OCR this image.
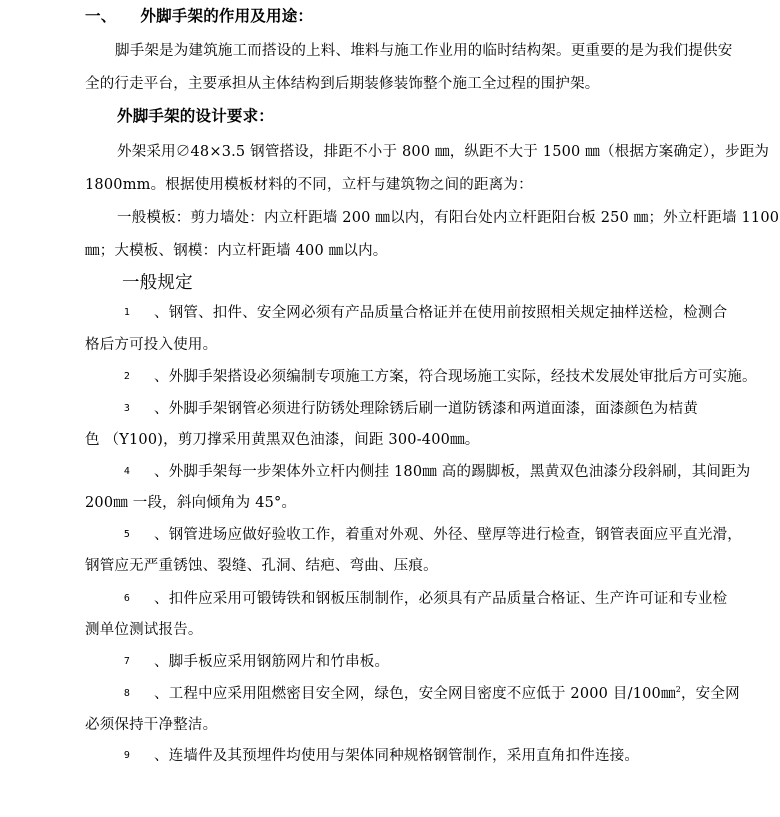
一、 外脚手架的作用及用途：
脚手架是为建筑施工而搭设的上料、堆料与施工作业用的临时结构架。更重要的是为我们提供安
全的行走平台，主要承担从主体结构到后期装修装饰整个施工全过程的围护架。
外脚手架的设计要求：
外架采用∅48×3.5 钢管搭设，排距不小于 800 ㎜，纵距不大于 1500 ㎜（根据方案确定），步距为
1800mm。根据使用模板材料的不同，立杆与建筑物之间的距离为：
一般模板：剪力墙处：内立杆距墙 200 ㎜以内，有阳台处内立杆距阳台板 250 ㎜；外立杆距墙 1100
㎜；大模板、钢模：内立杆距墙 400 ㎜以内。
一般规定
1 、钢管、扣件、安全网必须有产品质量合格证并在使用前按照相关规定抽样送检，检测合
格后方可投入使用。
2 、外脚手架搭设必须编制专项施工方案，符合现场施工实际，经技术发展处审批后方可实施。
3 、外脚手架钢管必须进行防锈处理除锈后刷一道防锈漆和两道面漆，面漆颜色为桔黄
色 （Y100)，剪刀撑采用黄黑双色油漆，间距 300-400㎜。
4 、外脚手架每一步架体外立杆内侧挂 180㎜ 高的踢脚板，黑黄双色油漆分段斜刷，其间距为
200㎜ 一段，斜向倾角为 45°。
5 、钢管进场应做好验收工作，着重对外观、外径、壁厚等进行检查，钢管表面应平直光滑，
钢管应无严重锈蚀、裂缝、孔洞、结疤、弯曲、压痕。
6 、扣件应采用可锻铸铁和钢板压制制作，必须具有产品质量合格证、生产许可证和专业检
测单位测试报告。
7 、脚手板应采用钢筋网片和竹串板。
8 、工程中应采用阻燃密目安全网，绿色，安全网目密度不应低于 2000 目/100㎜$^2$，安全网
必须保持干净整洁。
9 、连墙件及其预埋件均使用与架体同种规格钢管制作，采用直角扣件连接。
